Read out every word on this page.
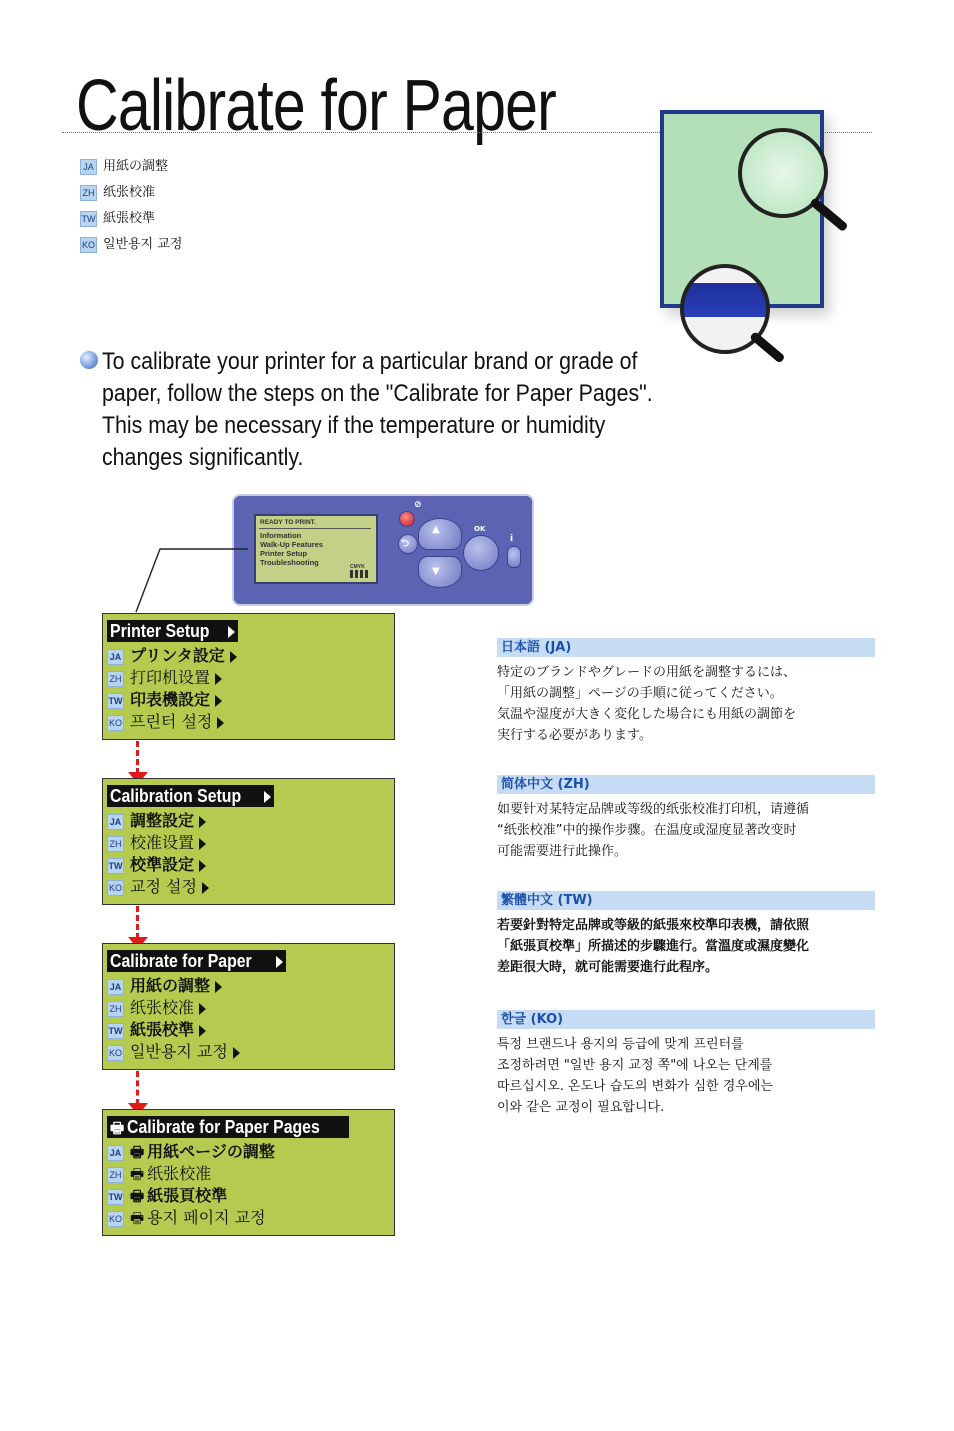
Calibrate for Paper
JA 用紙の調整
ZH 纸张校准
TW 紙張校準
KO 일반용지 교정
To calibrate your printer for a particular brand or grade of paper, follow the steps on the "Calibrate for Paper Pages". This may be necessary if the temperature or humidity changes significantly.
READY TO PRINT.
Information
Walk-Up Features
Printer Setup
Troubleshooting	CMYK
⊘
⮌
▲
▼
OK
i
Printer Setup
JA プリンタ設定
ZH 打印机设置
TW 印表機設定
KO 프린터 설정
Calibration Setup
JA 調整設定
ZH 校准设置
TW 校準設定
KO 교정 설정
Calibrate for Paper
JA 用紙の調整
ZH 纸张校准
TW 紙張校準
KO 일반용지 교정
🖶 Calibrate for Paper Pages
JA 🖶 用紙ページの調整
ZH 🖶 纸张校准
TW 🖶 紙張頁校準
KO 🖶 용지 페이지 교정
日本語 (JA)
特定のブランドやグレードの用紙を調整するには、
「用紙の調整」ページの手順に従ってください。
気温や湿度が大きく変化した場合にも用紙の調節を
実行する必要があります。
简体中文 (ZH)
如要针对某特定品牌或等级的纸张校准打印机，请遵循
“纸张校准”中的操作步骤。在温度或湿度显著改变时
可能需要进行此操作。
繁體中文 (TW)
若要針對特定品牌或等級的紙張來校準印表機，請依照
「紙張頁校準」所描述的步驟進行。當溫度或濕度變化
差距很大時，就可能需要進行此程序。
한글 (KO)
특정 브랜드나 용지의 등급에 맞게 프린터를
조정하려면 "일반 용지 교정 쪽"에 나오는 단계를
따르십시오. 온도나 습도의 변화가 심한 경우에는
이와 같은 교정이 필요합니다.
